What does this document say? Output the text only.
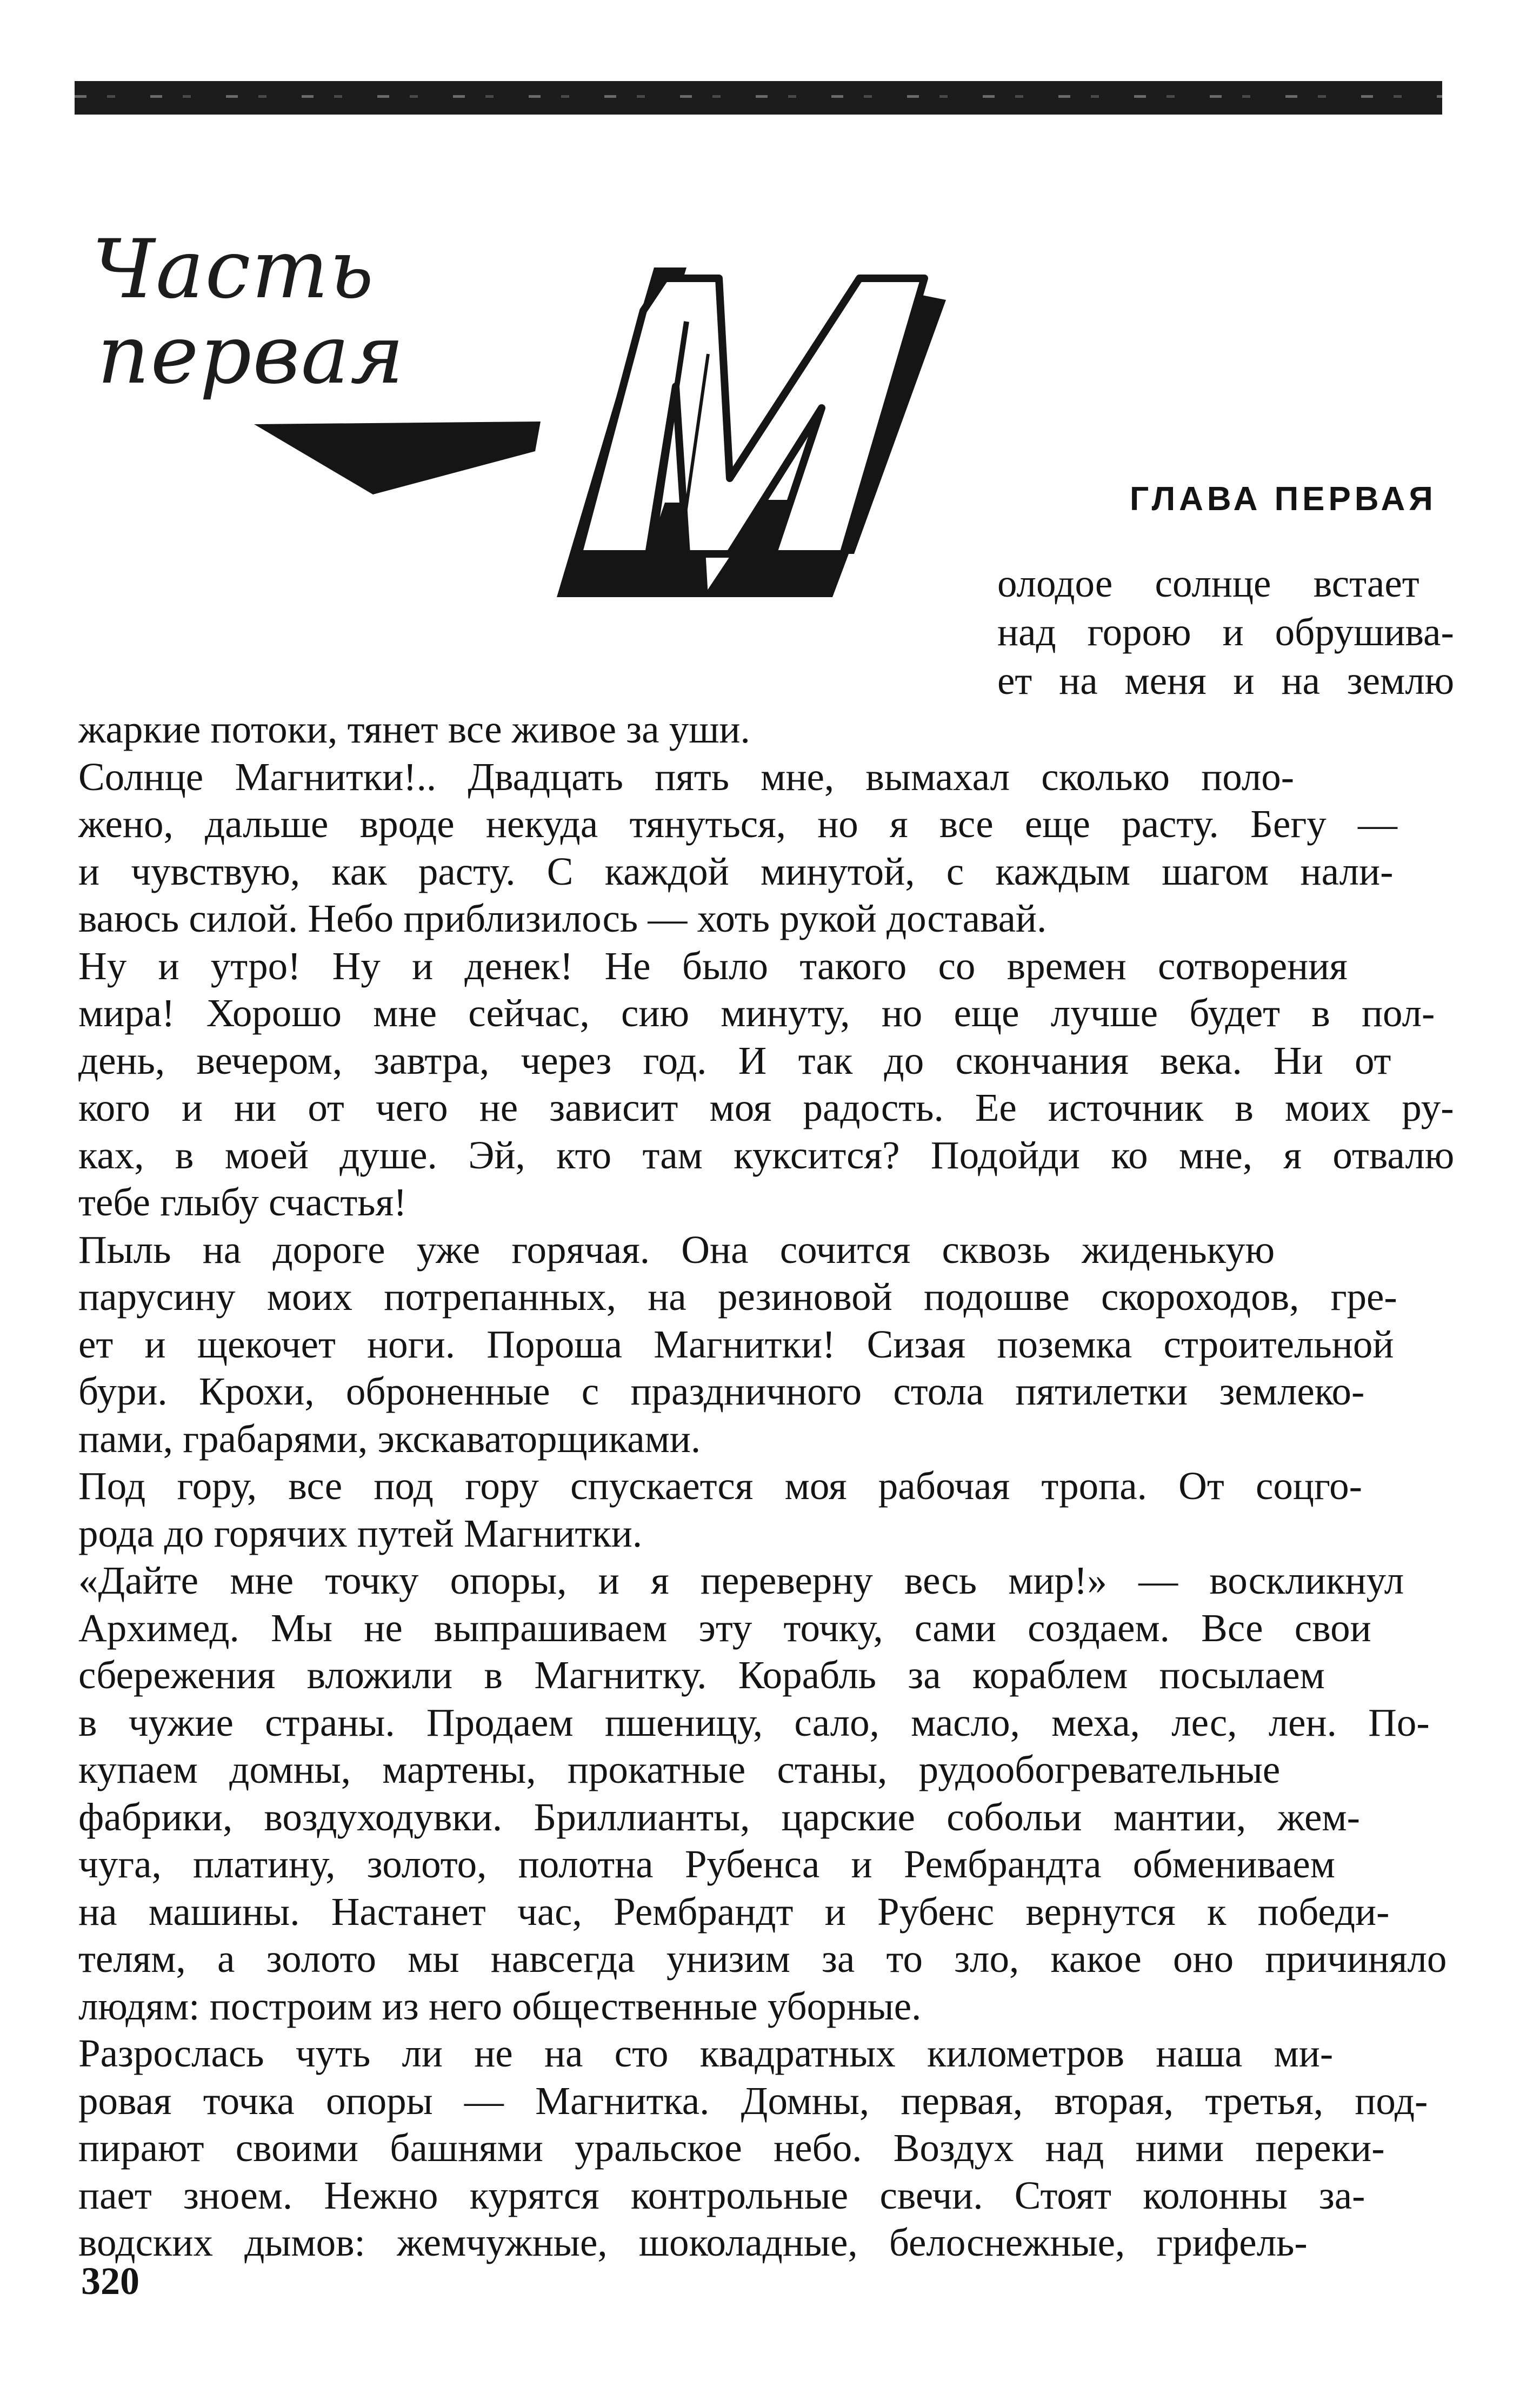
Часть
первая
ГЛАВА ПЕРВАЯ
олодое солнце встает
над горою и обрушива-
ет на меня и на землю
жаркие потоки, тянет все живое за уши.
Солнце Магнитки!.. Двадцать пять мне, вымахал сколько поло-
жено, дальше вроде некуда тянуться, но я все еще расту. Бегу —
и чувствую, как расту. С каждой минутой, с каждым шагом нали-
ваюсь силой. Небо приблизилось — хоть рукой доставай.
Ну и утро! Ну и денек! Не было такого со времен сотворения
мира! Хорошо мне сейчас, сию минуту, но еще лучше будет в пол-
день, вечером, завтра, через год. И так до скончания века. Ни от
кого и ни от чего не зависит моя радость. Ее источник в моих ру-
ках, в моей душе. Эй, кто там куксится? Подойди ко мне, я отвалю
тебе глыбу счастья!
Пыль на дороге уже горячая. Она сочится сквозь жиденькую
парусину моих потрепанных, на резиновой подошве скороходов, гре-
ет и щекочет ноги. Пороша Магнитки! Сизая поземка строительной
бури. Крохи, оброненные с праздничного стола пятилетки землеко-
пами, грабарями, экскаваторщиками.
Под гору, все под гору спускается моя рабочая тропа. От соцго-
рода до горячих путей Магнитки.
«Дайте мне точку опоры, и я переверну весь мир!» — воскликнул
Архимед. Мы не выпрашиваем эту точку, сами создаем. Все свои
сбережения вложили в Магнитку. Корабль за кораблем посылаем
в чужие страны. Продаем пшеницу, сало, масло, меха, лес, лен. По-
купаем домны, мартены, прокатные станы, рудообогревательные
фабрики, воздуходувки. Бриллианты, царские собольи мантии, жем-
чуга, платину, золото, полотна Рубенса и Рембрандта обмениваем
на машины. Настанет час, Рембрандт и Рубенс вернутся к победи-
телям, а золото мы навсегда унизим за то зло, какое оно причиняло
людям: построим из него общественные уборные.
Разрослась чуть ли не на сто квадратных километров наша ми-
ровая точка опоры — Магнитка. Домны, первая, вторая, третья, под-
пирают своими башнями уральское небо. Воздух над ними переки-
пает зноем. Нежно курятся контрольные свечи. Стоят колонны за-
водских дымов: жемчужные, шоколадные, белоснежные, грифель-
320
